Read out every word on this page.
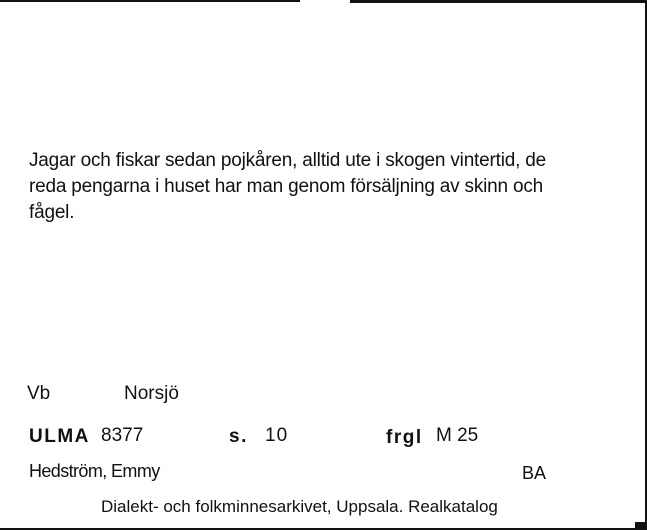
Jagar och fiskar sedan pojkåren, alltid ute i skogen vintertid, de
reda pengarna i huset har man genom försäljning av skinn och
fågel.
Vb	Norsjö
ULMA 8377	s. 10	frgl M 25
Hedström, Emmy	BA
Dialekt- och folkminnesarkivet, Uppsala. Realkatalog
